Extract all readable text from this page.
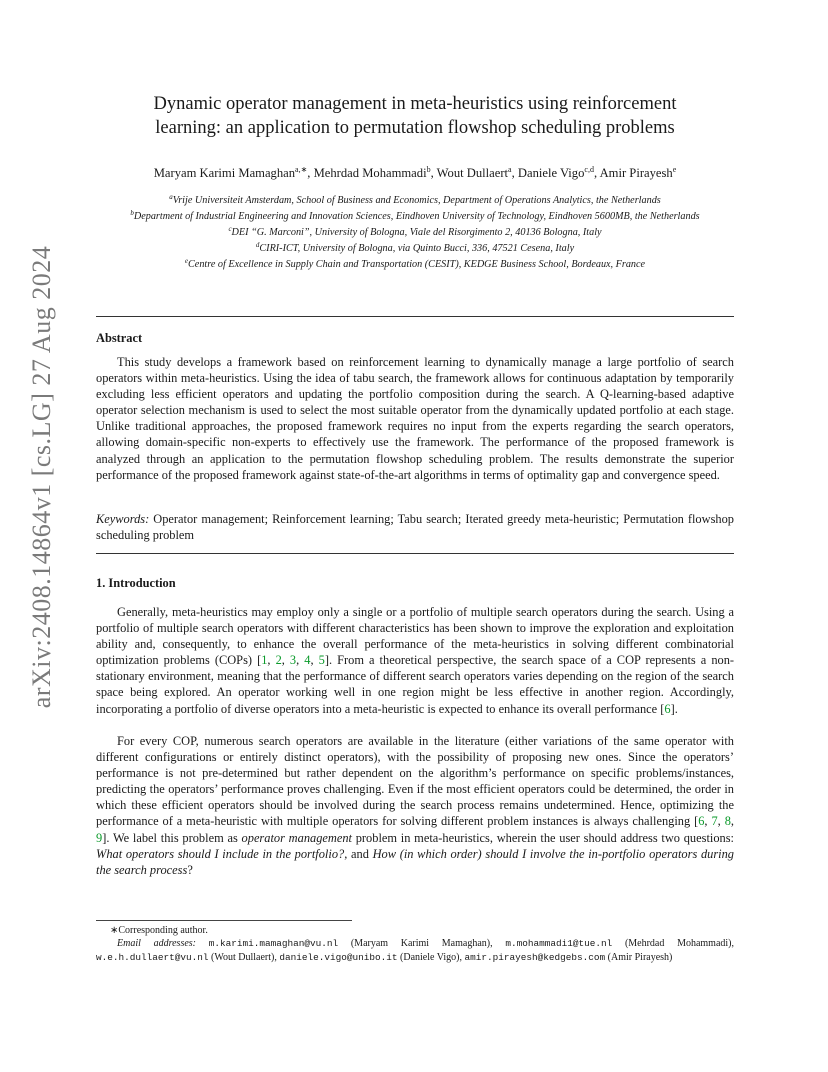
arXiv:2408.14864v1 [cs.LG] 27 Aug 2024
Dynamic operator management in meta-heuristics using reinforcement
learning: an application to permutation flowshop scheduling problems
Maryam Karimi Mamaghan$^{a,∗}$, Mehrdad Mohammadi$^b$, Wout Dullaert$^a$, Daniele Vigo$^{c,d}$, Amir Pirayesh$^e$
$^a$Vrije Universiteit Amsterdam, School of Business and Economics, Department of Operations Analytics, the Netherlands
$^b$Department of Industrial Engineering and Innovation Sciences, Eindhoven University of Technology, Eindhoven 5600MB, the Netherlands
$^c$DEI “G. Marconi”, University of Bologna, Viale del Risorgimento 2, 40136 Bologna, Italy
$^d$CIRI-ICT, University of Bologna, via Quinto Bucci, 336, 47521 Cesena, Italy
$^e$Centre of Excellence in Supply Chain and Transportation (CESIT), KEDGE Business School, Bordeaux, France
Abstract
This study develops a framework based on reinforcement learning to dynamically manage a large portfolio of search operators within meta-heuristics. Using the idea of tabu search, the framework allows for continuous adaptation by temporarily excluding less efficient operators and updating the portfolio composition during the search. A Q-learning-based adaptive operator selection mechanism is used to select the most suitable operator from the dynamically updated portfolio at each stage. Unlike traditional approaches, the proposed framework requires no input from the experts regarding the search operators, allowing domain-specific non-experts to effectively use the framework. The performance of the proposed framework is analyzed through an application to the permutation flowshop scheduling problem. The results demonstrate the superior performance of the proposed framework against state-of-the-art algorithms in terms of optimality gap and convergence speed.
Keywords: Operator management; Reinforcement learning; Tabu search; Iterated greedy meta-heuristic; Permutation flowshop scheduling problem
1. Introduction
Generally, meta-heuristics may employ only a single or a portfolio of multiple search operators during the search. Using a portfolio of multiple search operators with different characteristics has been shown to improve the exploration and exploitation ability and, consequently, to enhance the overall performance of the meta-heuristics in solving different combinatorial optimization problems (COPs) [1, 2, 3, 4, 5]. From a theoretical perspective, the search space of a COP represents a non-stationary environment, meaning that the performance of different search operators varies depending on the region of the search space being explored. An operator working well in one region might be less effective in another region. Accordingly, incorporating a portfolio of diverse operators into a meta-heuristic is expected to enhance its overall performance [6].
For every COP, numerous search operators are available in the literature (either variations of the same operator with different configurations or entirely distinct operators), with the possibility of proposing new ones. Since the operators’ performance is not pre-determined but rather dependent on the algorithm’s performance on specific problems/instances, predicting the operators’ performance proves challenging. Even if the most efficient operators could be determined, the order in which these efficient operators should be involved during the search process remains undetermined. Hence, optimizing the performance of a meta-heuristic with multiple operators for solving different problem instances is always challenging [6, 7, 8, 9]. We label this problem as operator management problem in meta-heuristics, wherein the user should address two questions: What operators should I include in the portfolio?, and How (in which order) should I involve the in-portfolio operators during the search process?
∗Corresponding author.
Email addresses: m.karimi.mamaghan@vu.nl (Maryam Karimi Mamaghan), m.mohammadi1@tue.nl (Mehrdad Mohammadi), w.e.h.dullaert@vu.nl (Wout Dullaert), daniele.vigo@unibo.it (Daniele Vigo), amir.pirayesh@kedgebs.com (Amir Pirayesh)
